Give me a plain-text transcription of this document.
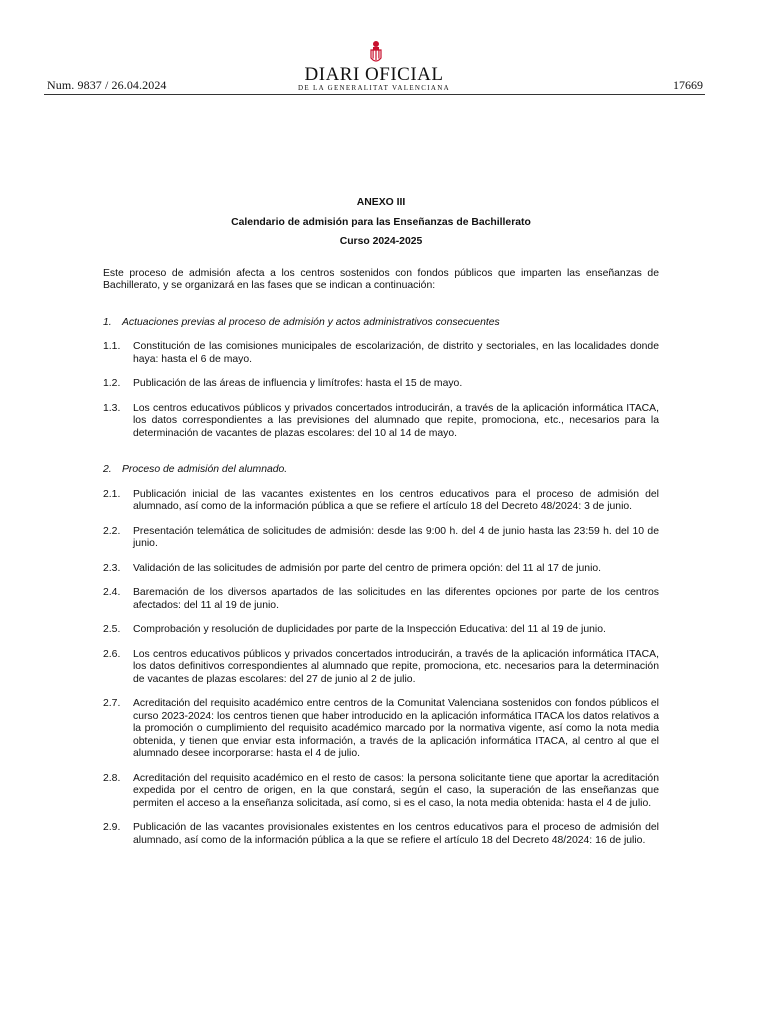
Num. 9837 / 26.04.2024	DIARI OFICIAL
DE LA GENERALITAT VALENCIANA	17669
ANEXO III
Calendario de admisión para las Enseñanzas de Bachillerato
Curso 2024-2025
Este proceso de admisión afecta a los centros sostenidos con fondos públicos que imparten las enseñanzas de Bachillerato, y se organizará en las fases que se indican a continuación:
1. Actuaciones previas al proceso de admisión y actos administrativos consecuentes
1.1. Constitución de las comisiones municipales de escolarización, de distrito y sectoriales, en las localidades donde haya: hasta el 6 de mayo.
1.2. Publicación de las áreas de influencia y limítrofes: hasta el 15 de mayo.
1.3. Los centros educativos públicos y privados concertados introducirán, a través de la aplicación informática ITACA, los datos correspondientes a las previsiones del alumnado que repite, promociona, etc., necesarios para la determinación de vacantes de plazas escolares: del 10 al 14 de mayo.
2. Proceso de admisión del alumnado.
2.1. Publicación inicial de las vacantes existentes en los centros educativos para el proceso de admisión del alumnado, así como de la información pública a que se refiere el artículo 18 del Decreto 48/2024: 3 de junio.
2.2. Presentación telemática de solicitudes de admisión: desde las 9:00 h. del 4 de junio hasta las 23:59 h. del 10 de junio.
2.3. Validación de las solicitudes de admisión por parte del centro de primera opción: del 11 al 17 de junio.
2.4. Baremación de los diversos apartados de las solicitudes en las diferentes opciones por parte de los centros afectados: del 11 al 19 de junio.
2.5. Comprobación y resolución de duplicidades por parte de la Inspección Educativa: del 11 al 19 de junio.
2.6. Los centros educativos públicos y privados concertados introducirán, a través de la aplicación informática ITACA, los datos definitivos correspondientes al alumnado que repite, promociona, etc. necesarios para la determinación de vacantes de plazas escolares: del 27 de junio al 2 de julio.
2.7. Acreditación del requisito académico entre centros de la Comunitat Valenciana sostenidos con fondos públicos el curso 2023-2024: los centros tienen que haber introducido en la aplicación informática ITACA los datos relativos a la promoción o cumplimiento del requisito académico marcado por la normativa vigente, así como la nota media obtenida, y tienen que enviar esta información, a través de la aplicación informática ITACA, al centro al que el alumnado desee incorporarse: hasta el 4 de julio.
2.8. Acreditación del requisito académico en el resto de casos: la persona solicitante tiene que aportar la acreditación expedida por el centro de origen, en la que constará, según el caso, la superación de las enseñanzas que permiten el acceso a la enseñanza solicitada, así como, si es el caso, la nota media obtenida: hasta el 4 de julio.
2.9. Publicación de las vacantes provisionales existentes en los centros educativos para el proceso de admisión del alumnado, así como de la información pública a la que se refiere el artículo 18 del Decreto 48/2024: 16 de julio.
